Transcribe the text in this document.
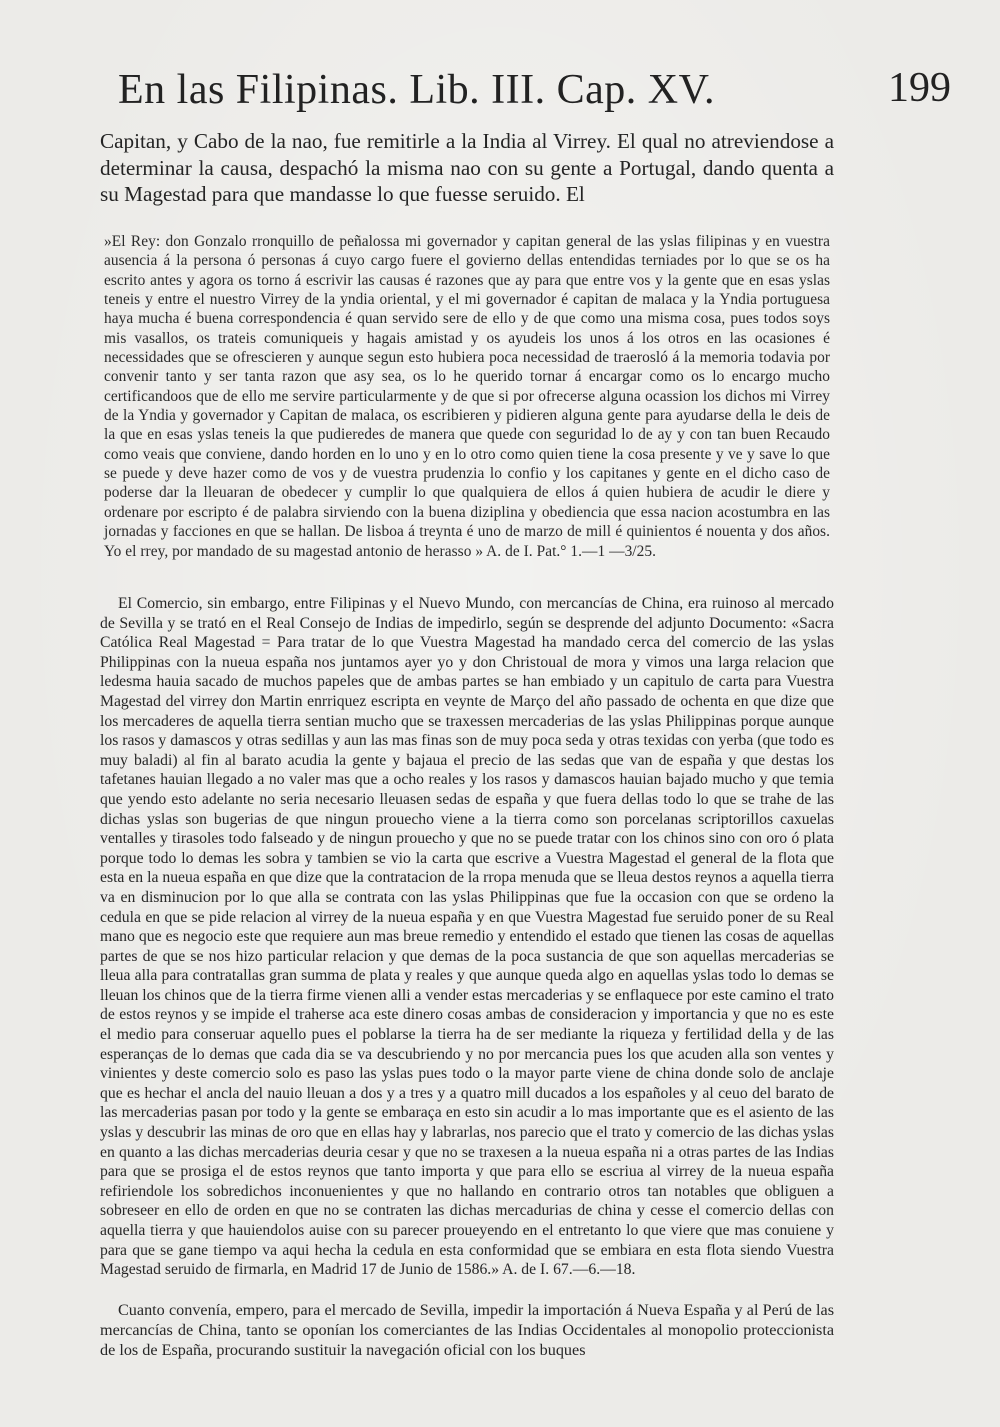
En las Filipinas. Lib. III. Cap. XV.	199

Capitan, y Cabo de la nao, fue remitirle a la India al Virrey. El qual no atreviendose a determinar la causa, despachó la misma nao con su gente a Portugal, dando quenta a su Magestad para que mandasse lo que fuesse seruido. El

»El Rey: don Gonzalo rronquillo de peñalossa mi governador y capitan general de las yslas filipinas y en vuestra ausencia á la persona ó personas á cuyo cargo fuere el govierno dellas entendidas terniades por lo que se os ha escrito antes y agora os torno á escrivir las causas é razones que ay para que entre vos y la gente que en esas yslas teneis y entre el nuestro Virrey de la yndia oriental, y el mi governador é capitan de malaca y la Yndia portuguesa haya mucha é buena correspondencia é quan servido sere de ello y de que como una misma cosa, pues todos soys mis vasallos, os trateis comuniqueis y hagais amistad y os ayudeis los unos á los otros en las ocasiones é necessidades que se ofrescieren y aunque segun esto hubiera poca necessidad de traerosló á la memoria todavia por convenir tanto y ser tanta razon que asy sea, os lo he querido tornar á encargar como os lo encargo mucho certificandoos que de ello me servire particularmente y de que si por ofrecerse alguna ocassion los dichos mi Virrey de la Yndia y governador y Capitan de malaca, os escribieren y pidieren alguna gente para ayudarse della le deis de la que en esas yslas teneis la que pudieredes de manera que quede con seguridad lo de ay y con tan buen Recaudo como veais que conviene, dando horden en lo uno y en lo otro como quien tiene la cosa presente y ve y save lo que se puede y deve hazer como de vos y de vuestra prudenzia lo confio y los capitanes y gente en el dicho caso de poderse dar la lleuaran de obedecer y cumplir lo que qualquiera de ellos á quien hubiera de acudir le diere y ordenare por escripto é de palabra sirviendo con la buena diziplina y obediencia que essa nacion acostumbra en las jornadas y facciones en que se hallan. De lisboa á treynta é uno de marzo de mill é quinientos é nouenta y dos años. Yo el rrey, por mandado de su magestad antonio de herasso » A. de I. Pat.° 1.—1 —3/25.

El Comercio, sin embargo, entre Filipinas y el Nuevo Mundo, con mercancías de China, era ruinoso al mercado de Sevilla y se trató en el Real Consejo de Indias de impedirlo, según se desprende del adjunto Documento: «Sacra Católica Real Magestad = Para tratar de lo que Vuestra Magestad ha mandado cerca del comercio de las yslas Philippinas con la nueua españa nos juntamos ayer yo y don Christoual de mora y vimos una larga relacion que ledesma hauia sacado de muchos papeles que de ambas partes se han embiado y un capitulo de carta para Vuestra Magestad del virrey don Martin enrriquez escripta en veynte de Março del año passado de ochenta en que dize que los mercaderes de aquella tierra sentian mucho que se traxessen mercaderias de las yslas Philippinas porque aunque los rasos y damascos y otras sedillas y aun las mas finas son de muy poca seda y otras texidas con yerba (que todo es muy baladi) al fin al barato acudia la gente y bajaua el precio de las sedas que van de españa y que destas los tafetanes hauian llegado a no valer mas que a ocho reales y los rasos y damascos hauian bajado mucho y que temia que yendo esto adelante no seria necesario lleuasen sedas de españa y que fuera dellas todo lo que se trahe de las dichas yslas son bugerias de que ningun prouecho viene a la tierra como son porcelanas scriptorillos caxuelas ventalles y tirasoles todo falseado y de ningun prouecho y que no se puede tratar con los chinos sino con oro ó plata porque todo lo demas les sobra y tambien se vio la carta que escrive a Vuestra Magestad el general de la flota que esta en la nueua españa en que dize que la contratacion de la rropa menuda que se lleua destos reynos a aquella tierra va en disminucion por lo que alla se contrata con las yslas Philippinas que fue la occasion con que se ordeno la cedula en que se pide relacion al virrey de la nueua españa y en que Vuestra Magestad fue seruido poner de su Real mano que es negocio este que requiere aun mas breue remedio y entendido el estado que tienen las cosas de aquellas partes de que se nos hizo particular relacion y que demas de la poca sustancia de que son aquellas mercaderias se lleua alla para contratallas gran summa de plata y reales y que aunque queda algo en aquellas yslas todo lo demas se lleuan los chinos que de la tierra firme vienen alli a vender estas mercaderias y se enflaquece por este camino el trato de estos reynos y se impide el traherse aca este dinero cosas ambas de consideracion y importancia y que no es este el medio para conseruar aquello pues el poblarse la tierra ha de ser mediante la riqueza y fertilidad della y de las esperanças de lo demas que cada dia se va descubriendo y no por mercancia pues los que acuden alla son ventes y vinientes y deste comercio solo es paso las yslas pues todo o la mayor parte viene de china donde solo de anclaje que es hechar el ancla del nauio lleuan a dos y a tres y a quatro mill ducados a los españoles y al ceuo del barato de las mercaderias pasan por todo y la gente se embaraça en esto sin acudir a lo mas importante que es el asiento de las yslas y descubrir las minas de oro que en ellas hay y labrarlas, nos parecio que el trato y comercio de las dichas yslas en quanto a las dichas mercaderias deuria cesar y que no se traxesen a la nueua españa ni a otras partes de las Indias para que se prosiga el de estos reynos que tanto importa y que para ello se escriua al virrey de la nueua españa refiriendole los sobredichos inconuenientes y que no hallando en contrario otros tan notables que obliguen a sobreseer en ello de orden en que no se contraten las dichas mercadurias de china y cesse el comercio dellas con aquella tierra y que hauiendolos auise con su parecer proueyendo en el entretanto lo que viere que mas conuiene y para que se gane tiempo va aqui hecha la cedula en esta conformidad que se embiara en esta flota siendo Vuestra Magestad seruido de firmarla, en Madrid 17 de Junio de 1586.» A. de I. 67.—6.—18.

Cuanto convenía, empero, para el mercado de Sevilla, impedir la importación á Nueva España y al Perú de las mercancías de China, tanto se oponían los comerciantes de las Indias Occidentales al monopolio proteccionista de los de España, procurando sustituir la navegación oficial con los buques
